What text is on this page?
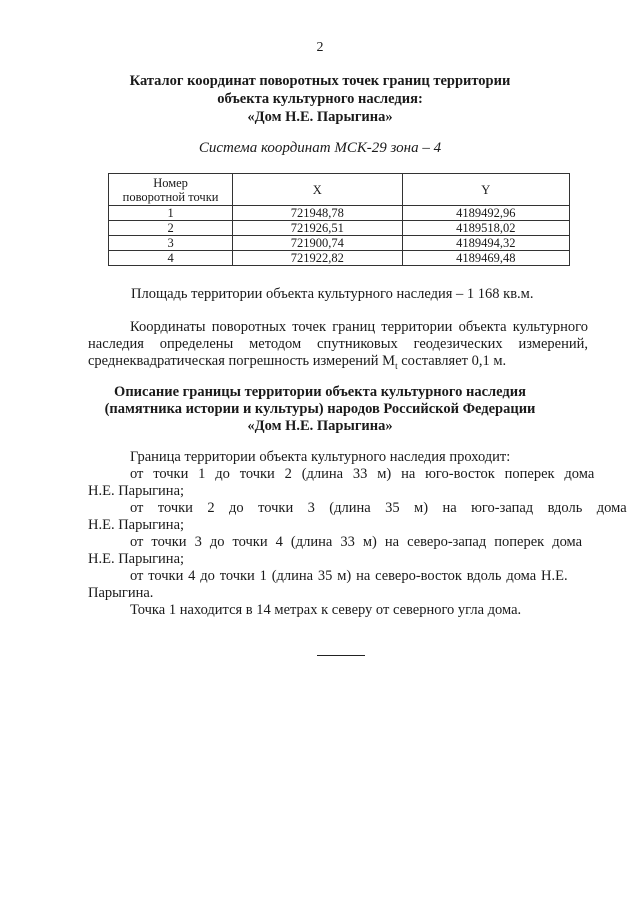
2
Каталог координат поворотных точек границ территории
объекта культурного наследия:
«Дом Н.Е. Парыгина»
Система координат МСК-29 зона – 4
Номер
поворотной точки	X	Y
1	721948,78	4189492,96
2	721926,51	4189518,02
3	721900,74	4189494,32
4	721922,82	4189469,48
Площадь территории объекта культурного наследия – 1 168 кв.м.
Координаты поворотных точек границ территории объекта культурного
наследия определены методом спутниковых геодезических измерений,
среднеквадратическая погрешность измерений $M_t$ составляет 0,1 м.
Описание границы территории объекта культурного наследия
(памятника истории и культуры) народов Российской Федерации
«Дом Н.Е. Парыгина»
Граница территории объекта культурного наследия проходит:
от точки 1 до точки 2 (длина 33 м) на юго-восток поперек дома
Н.Е. Парыгина;
от точки 2 до точки 3 (длина 35 м) на юго-запад вдоль дома
Н.Е. Парыгина;
от точки 3 до точки 4 (длина 33 м) на северо-запад поперек дома
Н.Е. Парыгина;
от точки 4 до точки 1 (длина 35 м) на северо-восток вдоль дома Н.Е.
Парыгина.
Точка 1 находится в 14 метрах к северу от северного угла дома.
